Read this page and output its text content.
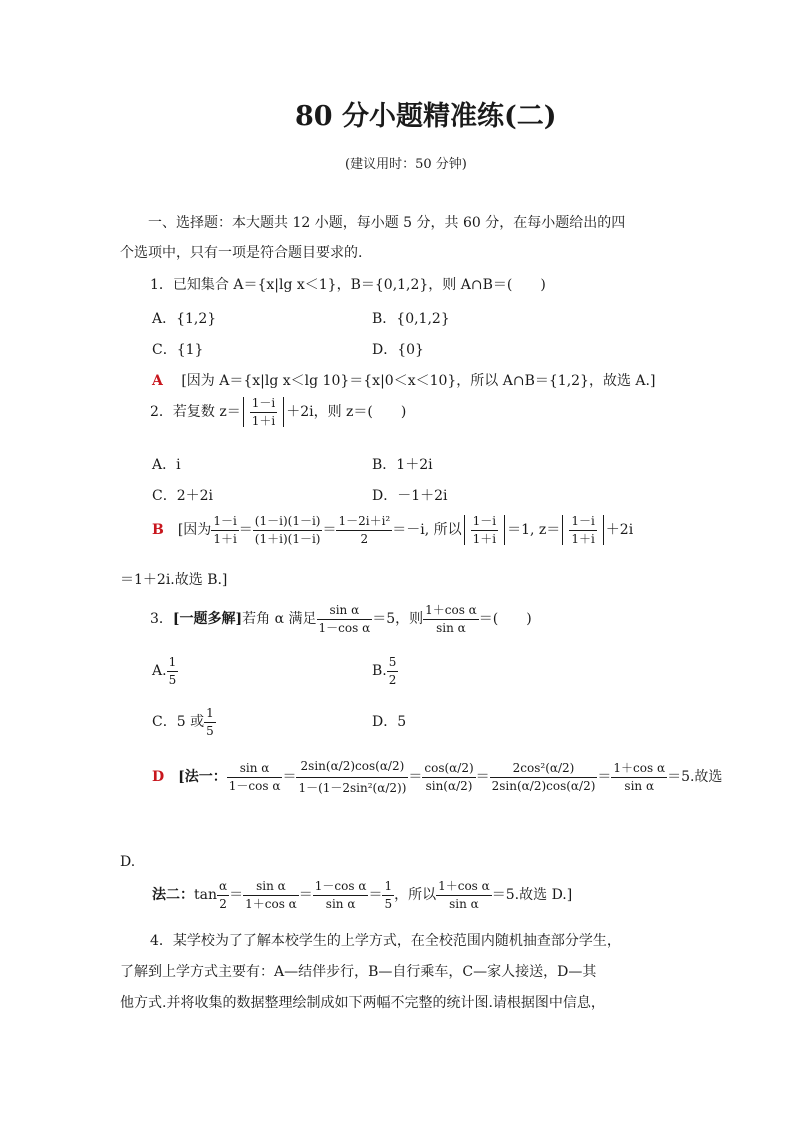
80 分小题精准练(二)
(建议用时：50 分钟)
一、选择题：本大题共 12 小题，每小题 5 分，共 60 分，在每小题给出的四
个选项中，只有一项是符合题目要求的.
1．已知集合 A＝{x|lg x＜1}，B＝{0,1,2}，则 A∩B＝(　　)
A．{1,2}	B．{0,1,2}
C．{1}	D．{0}
A [因为 A＝{x|lg x＜lg 10}＝{x|0＜x＜10}，所以 A∩B＝{1,2}，故选 A.]
2．若复数 $z= \frac{1-i}{1+i} +2i$，则 z＝(　　)
A．i	B．1＋2i
C．2＋2i	D．－1＋2i
B [因为 $\frac{1-i}{1+i} = \frac{(1-i)(1-i)}{(1+i)(1-i)} = \frac{\text{1－2i＋i²}}{2} =-i$, 所以 $\frac{1-i}{1+i} =1$, $z= \frac{1-i}{1+i} +2i$
＝1＋2i.故选 B.]
3．[一题多解]若角 α 满足 $\frac{\text{sin α}}{\text{1－cos α}} =5$，则 $\frac{\text{1＋cos α}}{\text{sin α}}$ ＝(　　)
A. $\frac{1}{5}$	B. $\frac{5}{2}$
C．5 或 $\frac{1}{5}$	D．5
D [法一： $\frac{\text{sin α}}{\text{1－cos α}} = \frac{2\sin(\alpha/2)\cos(\alpha/2)}{\text{1－(1－2sin²(α/2))}} = \frac{\cos(\alpha/2)}{\sin(\alpha/2)} = \frac{\text{2cos²(α/2)}}{2\sin(\alpha/2)\cos(\alpha/2)} = \frac{\text{1＋cos α}}{\text{sin α}} =5$.故选
D.
法二：$\tan \frac{\alpha}{2} = \frac{\text{sin α}}{\text{1＋cos α}} = \frac{\text{1－cos α}}{\text{sin α}} = \frac{1}{5}$ ，所以 $\frac{\text{1＋cos α}}{\text{sin α}} =5$.故选 D.]
4．某学校为了了解本校学生的上学方式，在全校范围内随机抽查部分学生，
了解到上学方式主要有：A—结伴步行，B—自行乘车，C—家人接送，D—其
他方式.并将收集的数据整理绘制成如下两幅不完整的统计图.请根据图中信息，
